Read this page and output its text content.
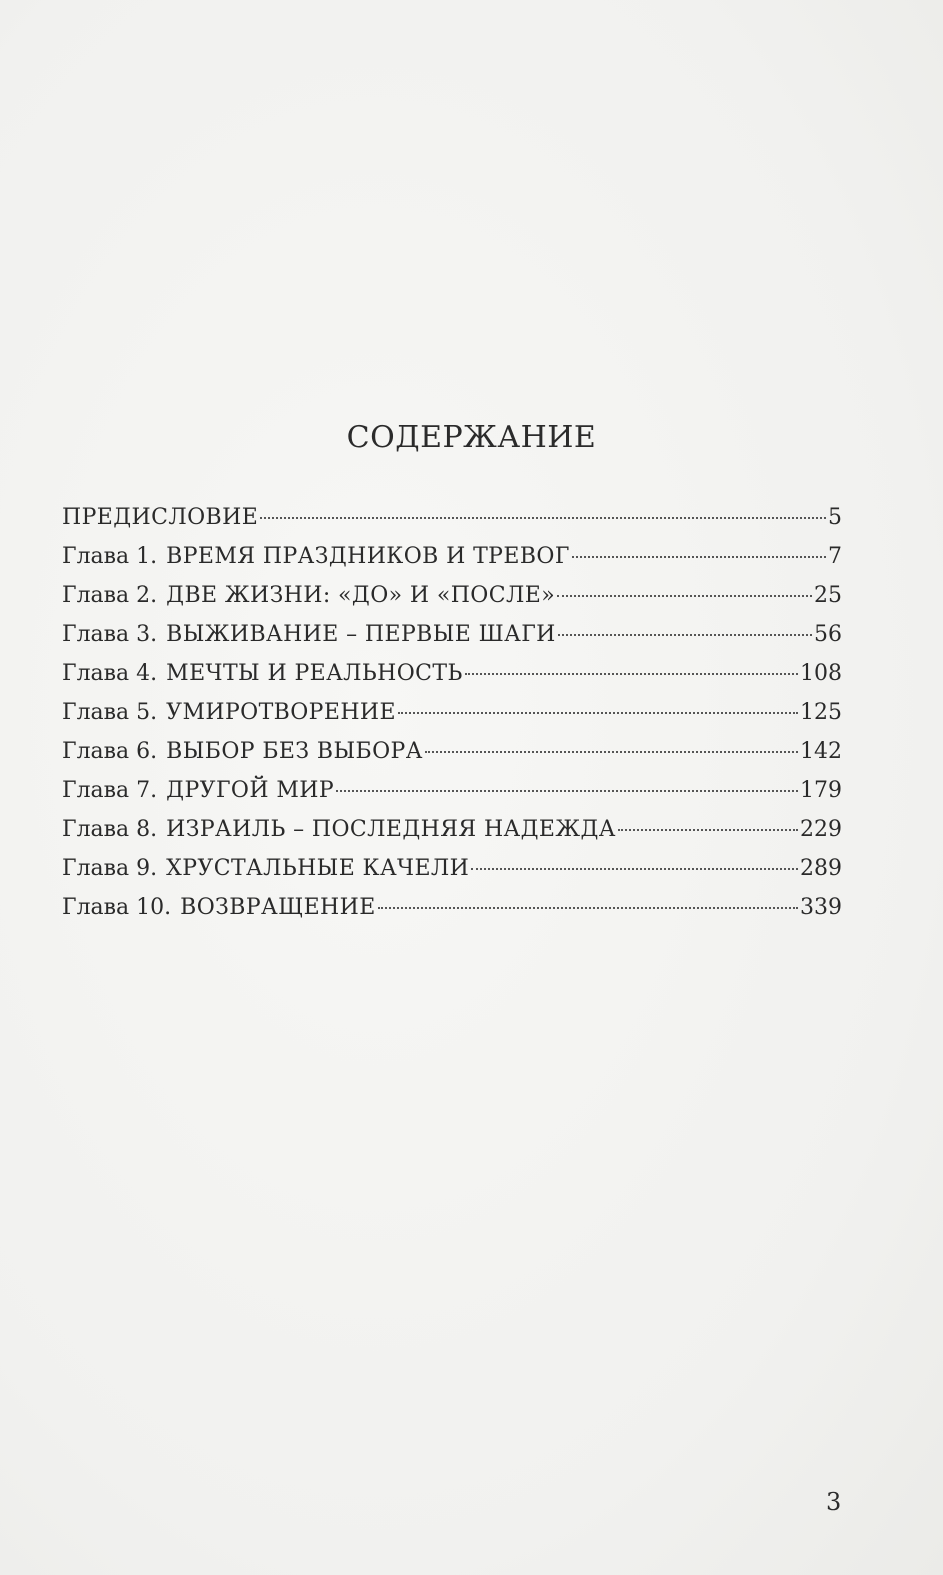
СОДЕРЖАНИЕ
ПРЕДИСЛОВИЕ	5
Глава 1. ВРЕМЯ ПРАЗДНИКОВ И ТРЕВОГ	7
Глава 2. ДВЕ ЖИЗНИ: «ДО» И «ПОСЛЕ»	25
Глава 3. ВЫЖИВАНИЕ – ПЕРВЫЕ ШАГИ	56
Глава 4. МЕЧТЫ И РЕАЛЬНОСТЬ	108
Глава 5. УМИРОТВОРЕНИЕ	125
Глава 6. ВЫБОР БЕЗ ВЫБОРА	142
Глава 7. ДРУГОЙ МИР	179
Глава 8. ИЗРАИЛЬ – ПОСЛЕДНЯЯ НАДЕЖДА	229
Глава 9. ХРУСТАЛЬНЫЕ КАЧЕЛИ	289
Глава 10. ВОЗВРАЩЕНИЕ	339
3
